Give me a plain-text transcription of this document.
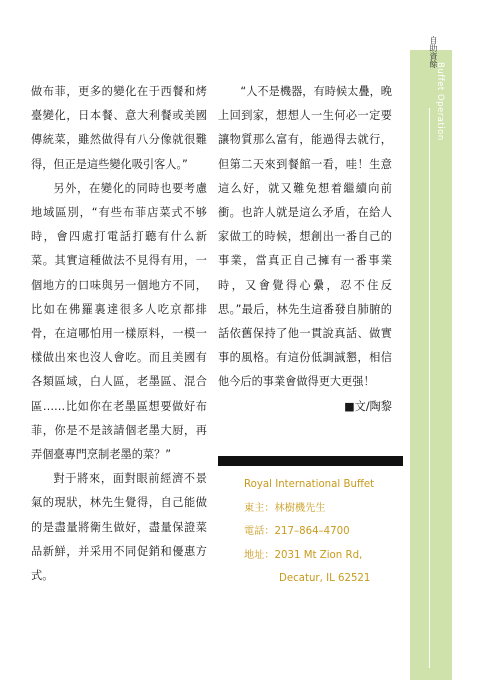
自助資餘
Buffet Operation

做布菲，更多的變化在于西餐和烤臺變化，日本餐、意大利餐或美國傳統菜，雖然做得有八分像就很難得，但正是這些變化吸引客人。”

另外，在變化的同時也要考慮地域區別，“有些布菲店菜式不够時，會四處打電話打聽有什么新菜。其實這種做法不見得有用，一個地方的口味與另一個地方不同，比如在佛羅裏達很多人吃京都排骨，在這哪怕用一樣原料，一模一樣做出來也沒人會吃。而且美國有各類區域，白人區，老墨區、混合區……比如你在老墨區想要做好布菲，你是不是該請個老墨大厨，再弄個臺專門烹制老墨的菜？”

對于將來，面對眼前經濟不景氣的現狀，林先生覺得，自己能做的是盡量將衛生做好，盡量保證菜品新鮮，并采用不同促銷和優惠方式。

“人不是機器，有時候太疊，晚上回到家，想想人一生何必一定要讓物質那么富有，能過得去就行，但第二天來到餐館一看，哇！生意這么好，就又難免想着繼續向前衝。也許人就是這么矛盾，在給人家做工的時候，想創出一番自己的事業，當真正自己擁有一番事業時，又會覺得心纍，忍不住反思。”最后，林先生這番發自肺腑的話依舊保持了他一貫說真話、做實事的風格。有這份低調誠懇，相信他今后的事業會做得更大更强！

■文/陶黎

Royal International Buffet
東主：林樹機先生
電話：217–864–4700
地址：2031 Mt Zion Rd,
Decatur, IL 62521
